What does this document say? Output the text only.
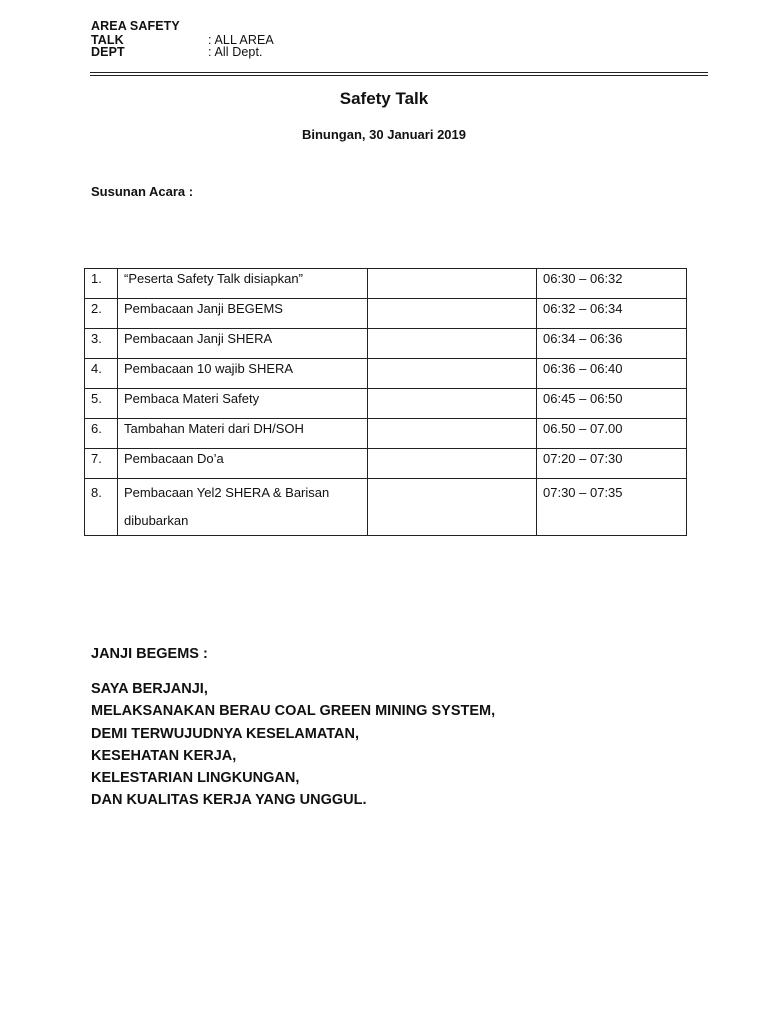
AREA SAFETY TALK	: ALL AREA
DEPT	: All Dept.
Safety Talk
Binungan, 30 Januari 2019
Susunan Acara :
1.	“Peserta Safety Talk disiapkan”		06:30 – 06:32
2.	Pembacaan Janji BEGEMS		06:32 – 06:34
3.	Pembacaan Janji SHERA		06:34 – 06:36
4.	Pembacaan 10 wajib SHERA		06:36 – 06:40
5.	Pembaca Materi Safety		06:45 – 06:50
6.	Tambahan Materi dari DH/SOH		06.50 – 07.00
7.	Pembacaan Do’a		07:20 – 07:30
8.	Pembacaan Yel2 SHERA & Barisan
dibubarkan		07:30 – 07:35
JANJI BEGEMS :
SAYA BERJANJI,
MELAKSANAKAN BERAU COAL GREEN MINING SYSTEM,
DEMI TERWUJUDNYA KESELAMATAN,
KESEHATAN KERJA,
KELESTARIAN LINGKUNGAN,
DAN KUALITAS KERJA YANG UNGGUL.
